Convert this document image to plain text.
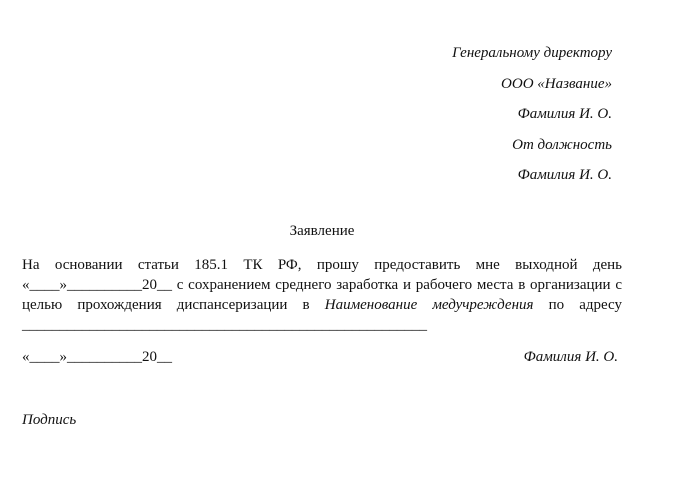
Генеральному директору
ООО «Название»
Фамилия И. О.
От должность
Фамилия И. О.
Заявление
На основании статьи 185.1 ТК РФ, прошу предоставить мне выходной день «____»__________20__ с сохранением среднего заработка и рабочего места в организации с целью прохождения диспансеризации в Наименование медучреждения по адресу ______________________________________________________
«____»__________20__	Фамилия И. О.
Подпись
